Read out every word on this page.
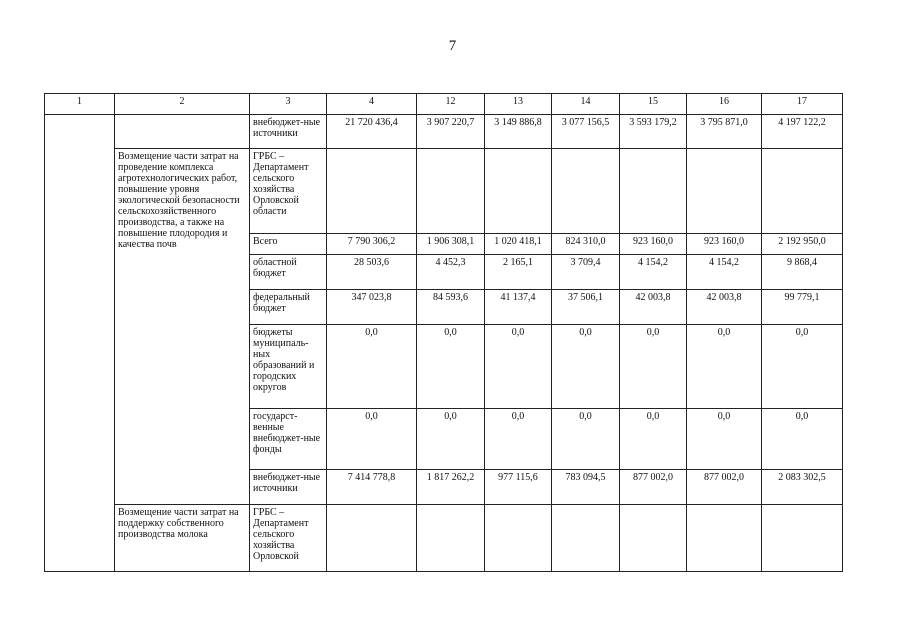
7
1	2	3	4	12	13	14	15	16	17
		внебюджет-ные источники	21 720 436,4	3 907 220,7	3 149 886,8	3 077 156,5	3 593 179,2	3 795 871,0	4 197 122,2
	Возмещение части затрат на проведение комплекса агротехнологических работ, повышение уровня экологической безопасности сельскохозяйственного производства, а также на повышение плодородия и качества почв	ГРБС – Департамент сельского хозяйства Орловской области							
		Всего	7 790 306,2	1 906 308,1	1 020 418,1	824 310,0	923 160,0	923 160,0	2 192 950,0
		областной бюджет	28 503,6	4 452,3	2 165,1	3 709,4	4 154,2	4 154,2	9 868,4
		федеральный бюджет	347 023,8	84 593,6	41 137,4	37 506,1	42 003,8	42 003,8	99 779,1
		бюджеты муниципаль-ных образований и городских округов	0,0	0,0	0,0	0,0	0,0	0,0	0,0
		государст-венные внебюджет-ные фонды	0,0	0,0	0,0	0,0	0,0	0,0	0,0
		внебюджет-ные источники	7 414 778,8	1 817 262,2	977 115,6	783 094,5	877 002,0	877 002,0	2 083 302,5
	Возмещение части затрат на поддержку собственного производства молока	ГРБС – Департамент сельского хозяйства Орловской							
